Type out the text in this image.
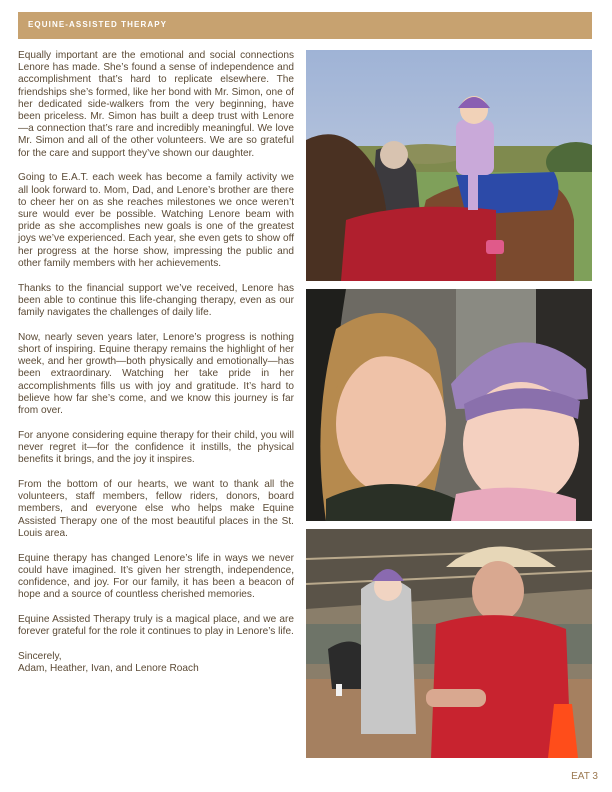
EQUINE-ASSISTED THERAPY

Equally important are the emotional and social connections Lenore has made. She’s found a sense of independence and accomplishment that’s hard to replicate elsewhere. The friendships she’s formed, like her bond with Mr. Simon, one of her dedicated side-walkers from the very beginning, have been priceless. Mr. Simon has built a deep trust with Lenore—a connection that’s rare and incredibly meaningful. We love Mr. Simon and all of the other volunteers. We are so grateful for the care and support they’ve shown our daughter.

Going to E.A.T. each week has become a family activity we all look forward to. Mom, Dad, and Lenore’s brother are there to cheer her on as she reaches milestones we once weren’t sure would ever be possible. Watching Lenore beam with pride as she accomplishes new goals is one of the greatest joys we’ve experienced. Each year, she even gets to show off her progress at the horse show, impressing the public and other family members with her achievements.

Thanks to the financial support we’ve received, Lenore has been able to continue this life-changing therapy, even as our family navigates the challenges of daily life.

Now, nearly seven years later, Lenore’s progress is nothing short of inspiring. Equine therapy remains the highlight of her week, and her growth—both physically and emotionally—has been extraordinary. Watching her take pride in her accomplishments fills us with joy and gratitude. It’s hard to believe how far she’s come, and we know this journey is far from over.

For anyone considering equine therapy for their child, you will never regret it—for the confidence it instills, the physical benefits it brings, and the joy it inspires.

From the bottom of our hearts, we want to thank all the volunteers, staff members, fellow riders, donors, board members, and everyone else who helps make Equine Assisted Therapy one of the most beautiful places in the St. Louis area.

Equine therapy has changed Lenore’s life in ways we never could have imagined. It’s given her strength, independence, confidence, and joy. For our family, it has been a beacon of hope and a source of countless cherished memories.

Equine Assisted Therapy truly is a magical place, and we are forever grateful for the role it continues to play in Lenore’s life.

Sincerely,
Adam, Heather, Ivan, and Lenore Roach

EAT 3
